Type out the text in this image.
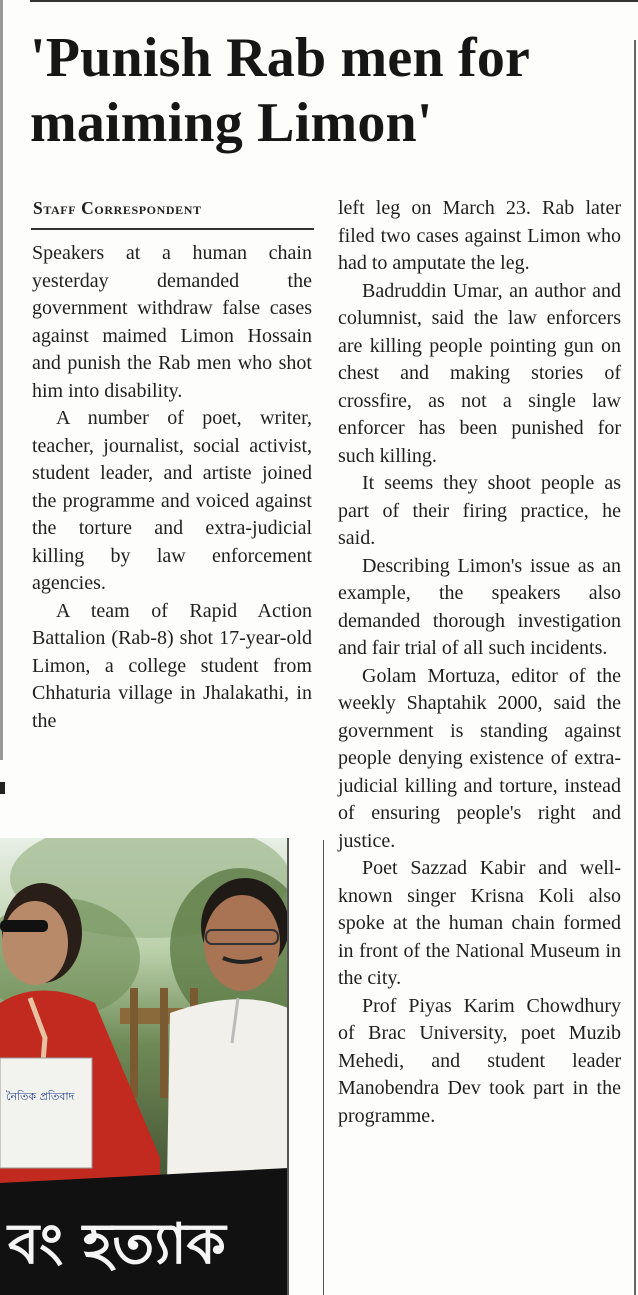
'Punish Rab men for maiming Limon'
Staff Correspondent

Speakers at a human chain yesterday demanded the government withdraw false cases against maimed Limon Hossain and punish the Rab men who shot him into disability.

A number of poet, writer, teacher, journalist, social activist, student leader, and artiste joined the programme and voiced against the torture and extra-judicial killing by law enforcement agencies.

A team of Rapid Action Battalion (Rab-8) shot 17-year-old Limon, a college student from Chhaturia village in Jhalakathi, in the

left leg on March 23. Rab later filed two cases against Limon who had to amputate the leg.

Badruddin Umar, an author and columnist, said the law enforcers are killing people pointing gun on chest and making stories of crossfire, as not a single law enforcer has been punished for such killing.

It seems they shoot people as part of their firing practice, he said.

Describing Limon's issue as an example, the speakers also demanded thorough investigation and fair trial of all such incidents.

Golam Mortuza, editor of the weekly Shaptahik 2000, said the government is standing against people denying existence of extra-judicial killing and torture, instead of ensuring people's right and justice.

Poet Sazzad Kabir and well-known singer Krisna Koli also spoke at the human chain formed in front of the National Museum in the city.

Prof Piyas Karim Chowdhury of Brac University, poet Muzib Mehedi, and student leader Manobendra Dev took part in the programme.

বং হত্যাক
নৈতিক প্রতিবাদ
